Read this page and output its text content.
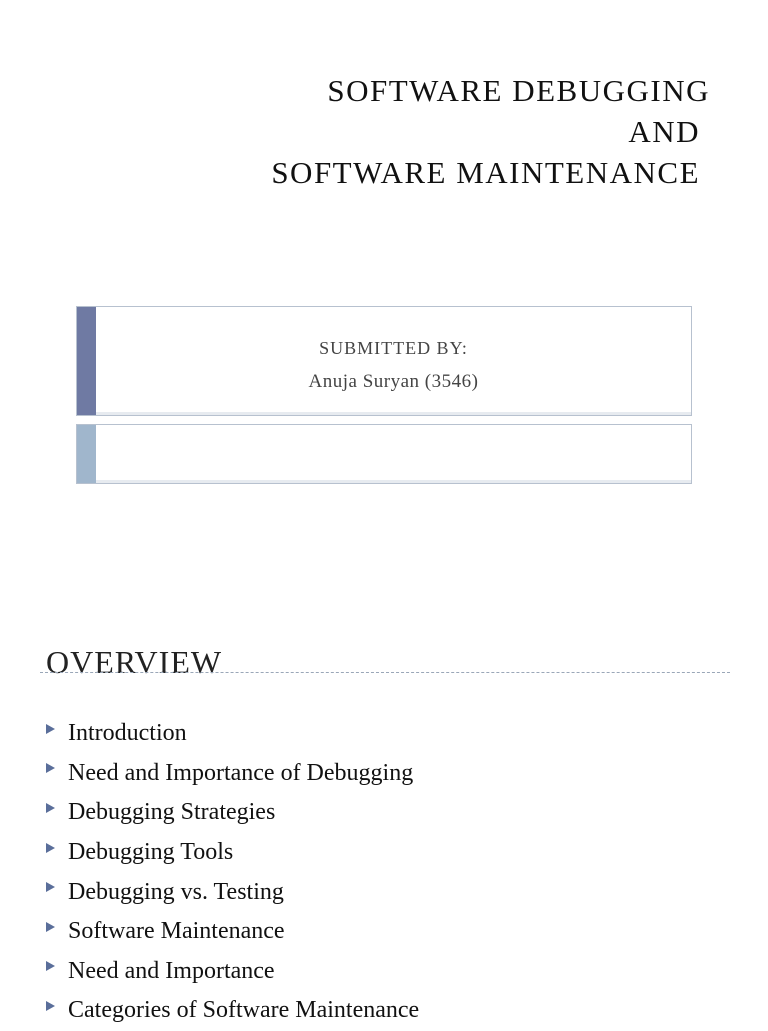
SOFTWARE DEBUGGING
AND
SOFTWARE MAINTENANCE
SUBMITTED BY:
Anuja Suryan (3546)
OVERVIEW
Introduction
Need and Importance of Debugging
Debugging Strategies
Debugging Tools
Debugging vs. Testing
Software Maintenance
Need and Importance
Categories of Software Maintenance
